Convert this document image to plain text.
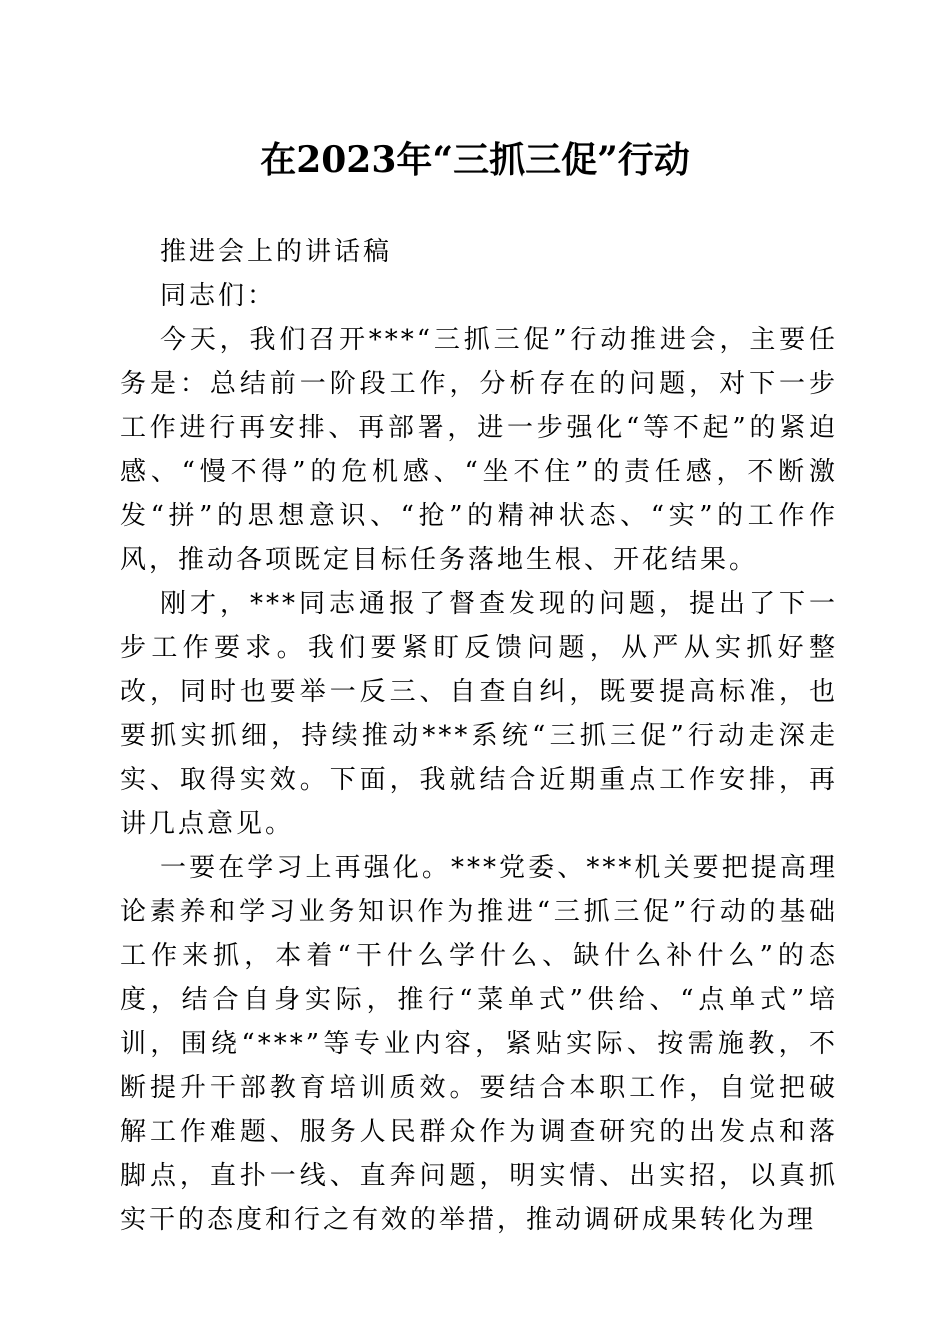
在2023年“三抓三促”行动

推进会上的讲话稿

同志们：

今天，我们召开***“三抓三促”行动推进会，主要任务是：总结前一阶段工作，分析存在的问题，对下一步工作进行再安排、再部署，进一步强化“等不起”的紧迫感、“慢不得”的危机感、“坐不住”的责任感，不断激发“拼”的思想意识、“抢”的精神状态、“实”的工作作风，推动各项既定目标任务落地生根、开花结果。

刚才，***同志通报了督查发现的问题，提出了下一步工作要求。我们要紧盯反馈问题，从严从实抓好整改，同时也要举一反三、自查自纠，既要提高标准，也要抓实抓细，持续推动***系统“三抓三促”行动走深走实、取得实效。下面，我就结合近期重点工作安排，再讲几点意见。

一要在学习上再强化。***党委、***机关要把提高理论素养和学习业务知识作为推进“三抓三促”行动的基础工作来抓，本着“干什么学什么、缺什么补什么”的态度，结合自身实际，推行“菜单式”供给、“点单式”培训，围绕“***”等专业内容，紧贴实际、按需施教，不断提升干部教育培训质效。要结合本职工作，自觉把破解工作难题、服务人民群众作为调查研究的出发点和落脚点，直扑一线、直奔问题，明实情、出实招，以真抓实干的态度和行之有效的举措，推动调研成果转化为理
